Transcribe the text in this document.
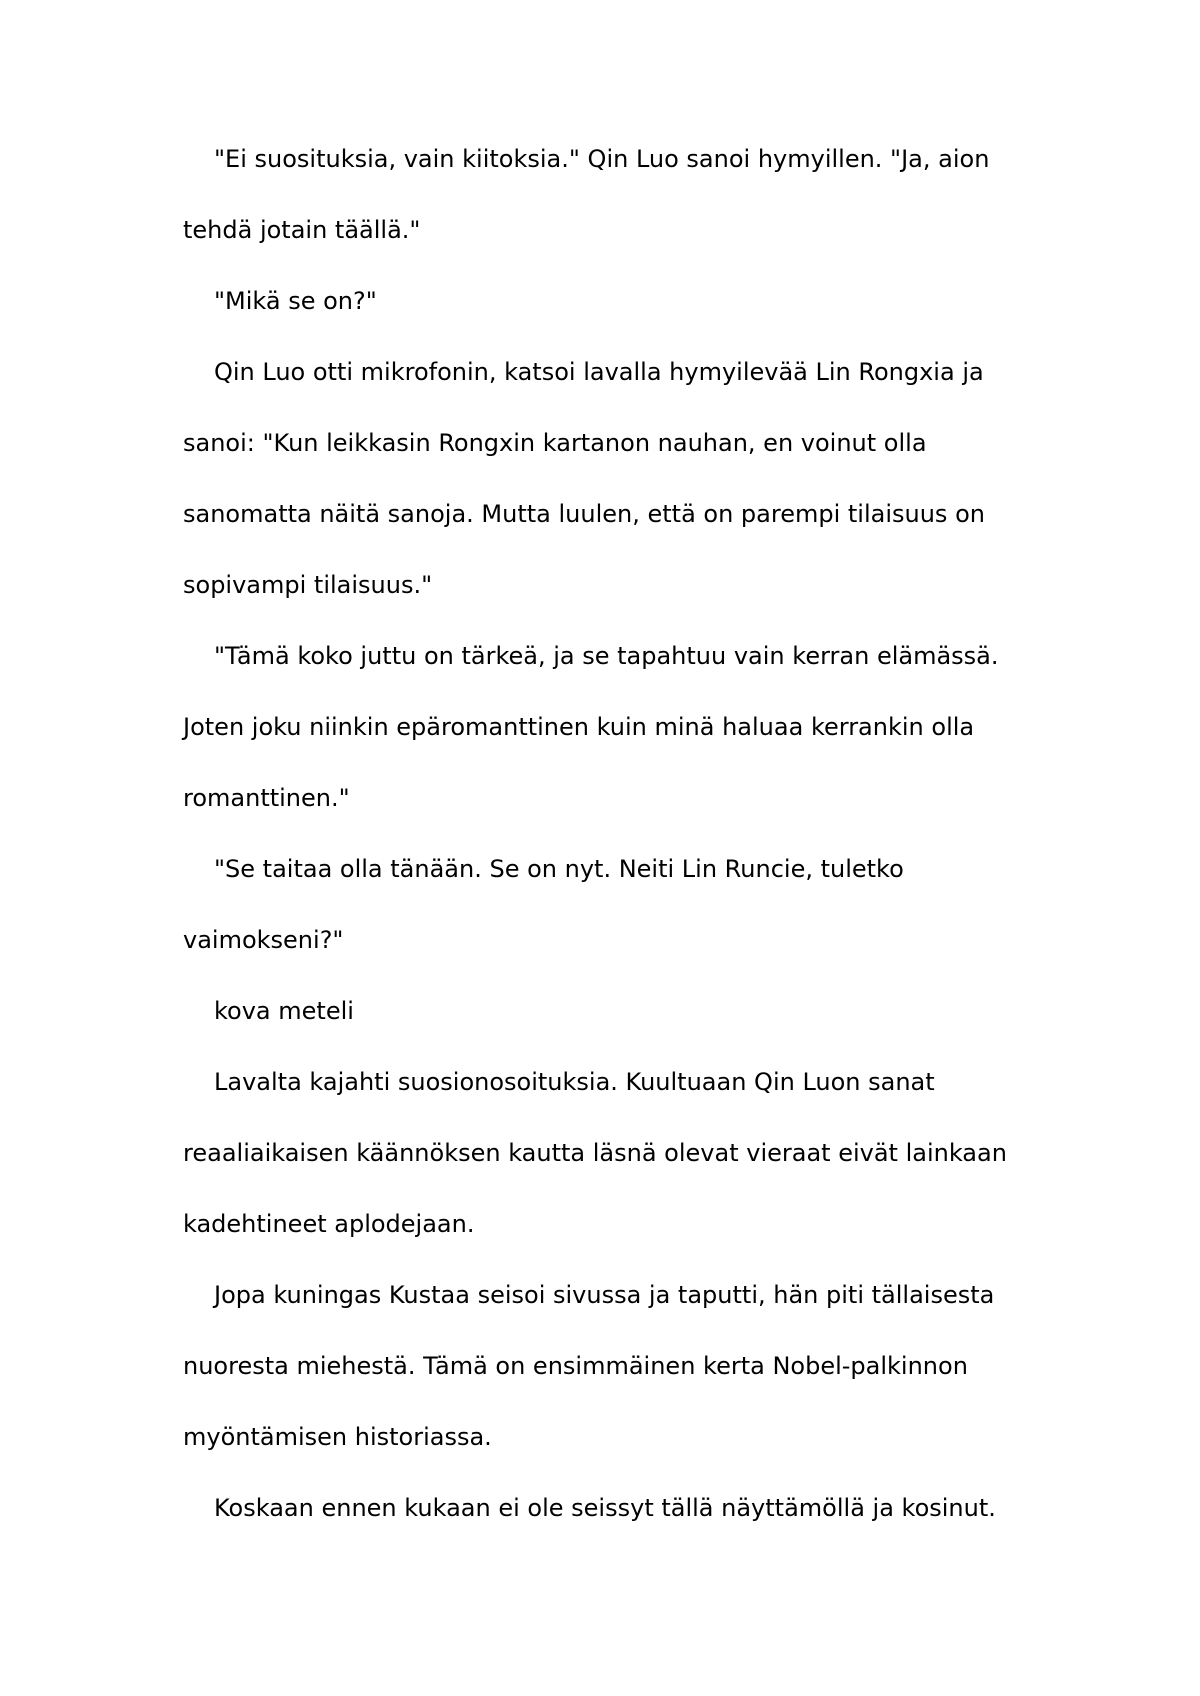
"Ei suosituksia, vain kiitoksia." Qin Luo sanoi hymyillen. "Ja, aion
tehdä jotain täällä."

"Mikä se on?"

Qin Luo otti mikrofonin, katsoi lavalla hymyilevää Lin Rongxia ja
sanoi: "Kun leikkasin Rongxin kartanon nauhan, en voinut olla
sanomatta näitä sanoja. Mutta luulen, että on parempi tilaisuus on
sopivampi tilaisuus."

"Tämä koko juttu on tärkeä, ja se tapahtuu vain kerran elämässä.
Joten joku niinkin epäromanttinen kuin minä haluaa kerrankin olla
romanttinen."

"Se taitaa olla tänään. Se on nyt. Neiti Lin Runcie, tuletko
vaimokseni?"

kova meteli

Lavalta kajahti suosionosoituksia. Kuultuaan Qin Luon sanat
reaaliaikaisen käännöksen kautta läsnä olevat vieraat eivät lainkaan
kadehtineet aplodejaan.

Jopa kuningas Kustaa seisoi sivussa ja taputti, hän piti tällaisesta
nuoresta miehestä. Tämä on ensimmäinen kerta Nobel-palkinnon
myöntämisen historiassa.

Koskaan ennen kukaan ei ole seissyt tällä näyttämöllä ja kosinut.
